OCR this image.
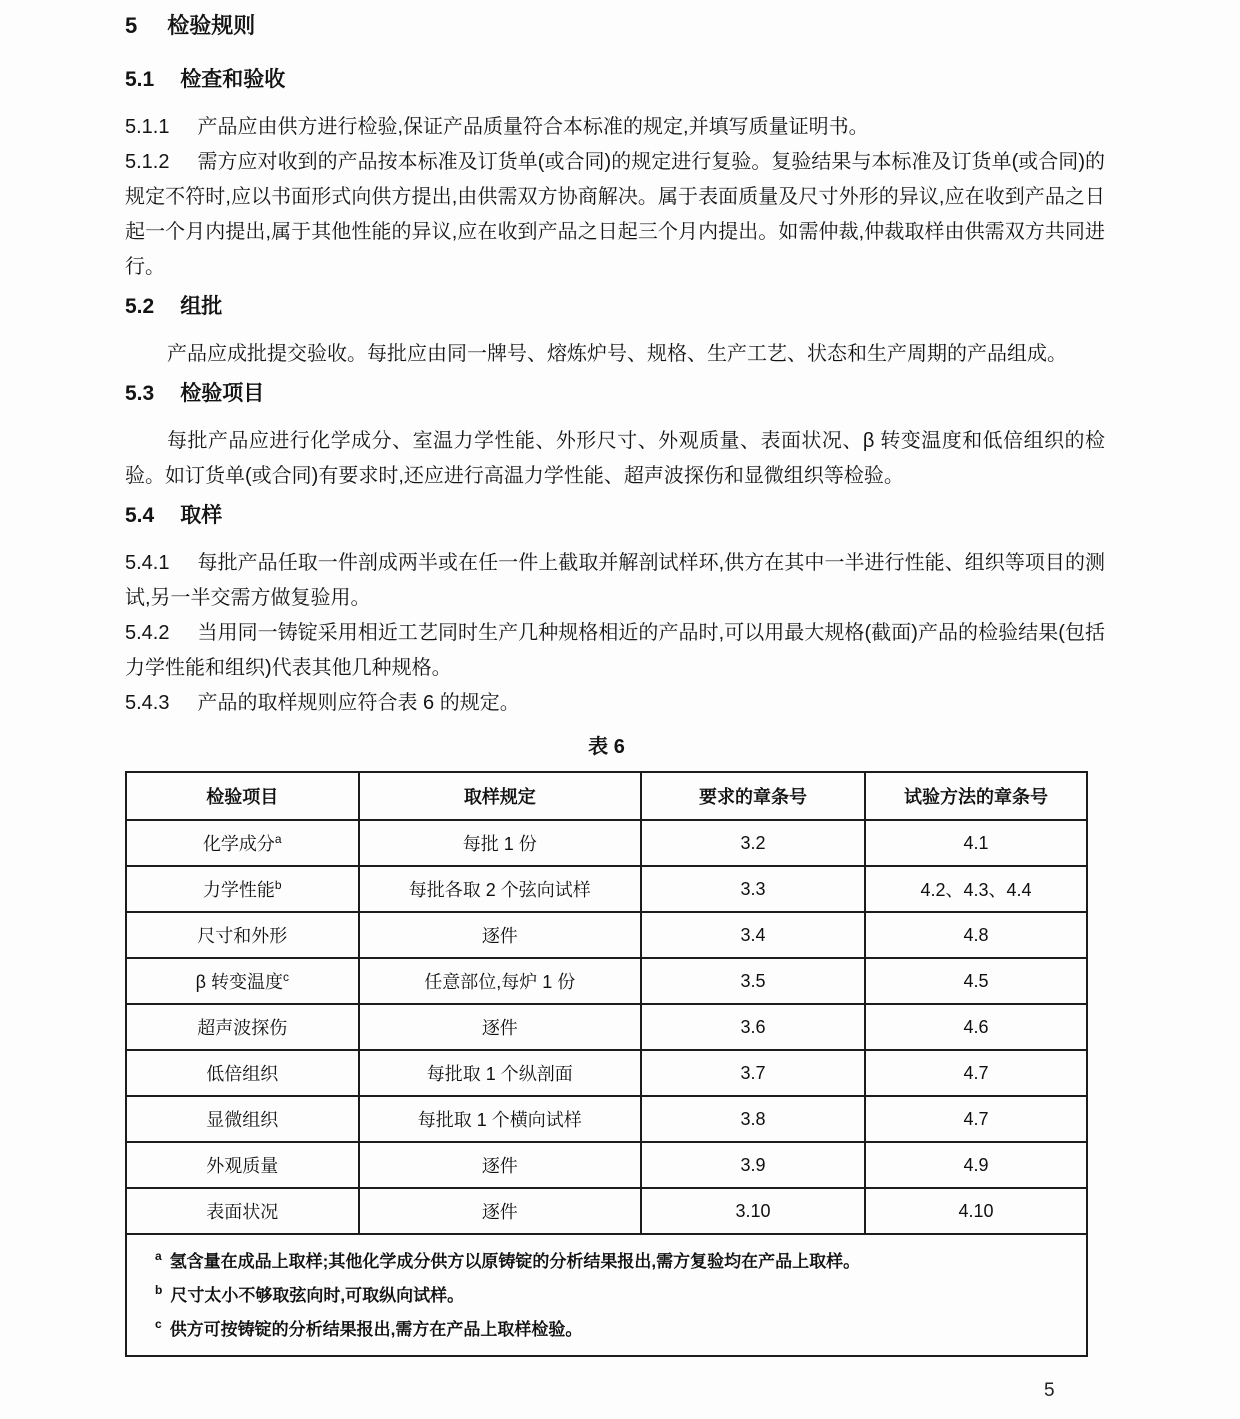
5 检验规则
5.1 检查和验收

5.1.1 产品应由供方进行检验,保证产品质量符合本标准的规定,并填写质量证明书。

5.1.2 需方应对收到的产品按本标准及订货单(或合同)的规定进行复验。复验结果与本标准及订货单(或合同)的规定不符时,应以书面形式向供方提出,由供需双方协商解决。属于表面质量及尺寸外形的异议,应在收到产品之日起一个月内提出,属于其他性能的异议,应在收到产品之日起三个月内提出。如需仲裁,仲裁取样由供需双方共同进行。

5.2 组批

产品应成批提交验收。每批应由同一牌号、熔炼炉号、规格、生产工艺、状态和生产周期的产品组成。

5.3 检验项目

每批产品应进行化学成分、室温力学性能、外形尺寸、外观质量、表面状况、β 转变温度和低倍组织的检验。如订货单(或合同)有要求时,还应进行高温力学性能、超声波探伤和显微组织等检验。

5.4 取样

5.4.1 每批产品任取一件剖成两半或在任一件上截取并解剖试样环,供方在其中一半进行性能、组织等项目的测试,另一半交需方做复验用。

5.4.2 当用同一铸锭采用相近工艺同时生产几种规格相近的产品时,可以用最大规格(截面)产品的检验结果(包括力学性能和组织)代表其他几种规格。

5.4.3 产品的取样规则应符合表 6 的规定。

表 6
检验项目	取样规定	要求的章条号	试验方法的章条号
化学成分$^a$	每批 1 份	3.2	4.1
力学性能$^b$	每批各取 2 个弦向试样	3.3	4.2、4.3、4.4
尺寸和外形	逐件	3.4	4.8
β 转变温度$^c$	任意部位,每炉 1 份	3.5	4.5
超声波探伤	逐件	3.6	4.6
低倍组织	每批取 1 个纵剖面	3.7	4.7
显微组织	每批取 1 个横向试样	3.8	4.7
外观质量	逐件	3.9	4.9
表面状况	逐件	3.10	4.10

$^a$ 氢含量在成品上取样;其他化学成分供方以原铸锭的分析结果报出,需方复验均在产品上取样。

$^b$ 尺寸太小不够取弦向时,可取纵向试样。

$^c$ 供方可按铸锭的分析结果报出,需方在产品上取样检验。			

5
